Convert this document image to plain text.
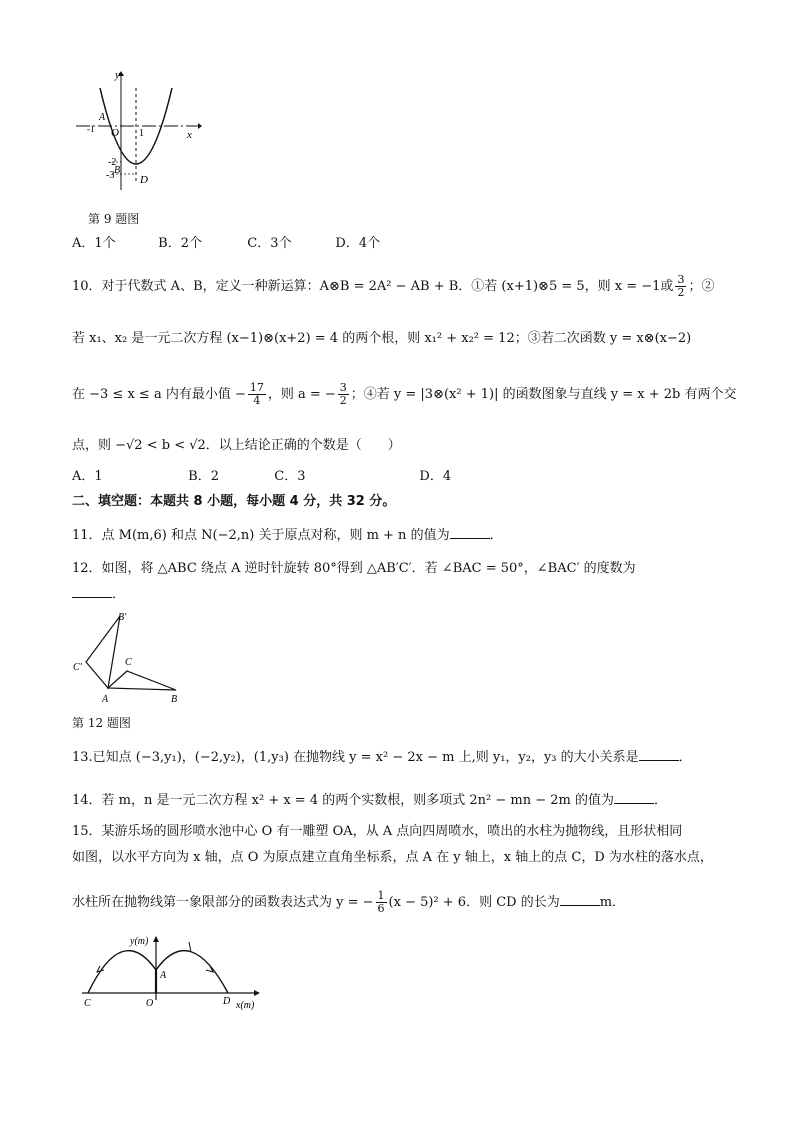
y
x
A
O 1
-1
-2
-3 B
D
第 9 题图
A．1个	B．2个	C．3个	D．4个
10．对于代数式 A、B，定义一种新运算：A⊗B = 2A² − AB + B．①若 (x+1)⊗5 = 5，则 x = −1或 $\frac{3}{2}$ ；②
若 x₁、x₂ 是一元二次方程 (x−1)⊗(x+2) = 4 的两个根，则 x₁² + x₂² = 12；③若二次函数 y = x⊗(x−2)
在 −3 ≤ x ≤ a 内有最小值 − $\frac{17}{4}$ ，则 a = − $\frac{3}{2}$ ；④若 y = |3⊗(x² + 1)| 的函数图象与直线 y = x + 2b 有两个交
点，则 −√2 < b < √2．以上结论正确的个数是（　　）
A．1	B．2	C．3	D．4
二、填空题：本题共 8 小题，每小题 4 分，共 32 分。
11．点 M(m,6) 和点 N(−2,n) 关于原点对称，则 m + n 的值为	．
12．如图，将 △ABC 绕点 A 逆时针旋转 80°得到 △AB′C′．若 ∠BAC = 50°，∠BAC′ 的度数为
．
B′
C′	C
A	B
第 12 题图
13.已知点 (−3,y₁)，(−2,y₂)，(1,y₃) 在抛物线 y = x² − 2x − m 上,则 y₁，y₂，y₃ 的大小关系是	．
14．若 m，n 是一元二次方程 x² + x = 4 的两个实数根，则多项式 2n² − mn − 2m 的值为	．
15．某游乐场的圆形喷水池中心 O 有一雕塑 OA，从 A 点向四周喷水，喷出的水柱为抛物线，且形状相同
如图，以水平方向为 x 轴，点 O 为原点建立直角坐标系，点 A 在 y 轴上，x 轴上的点 C，D 为水柱的落水点，
水柱所在抛物线第一象限部分的函数表达式为 y = − $\frac{1}{6} (x - 5)^2 + 6$．则 CD 的长为	m．
y(m)
x(m)
C	O
A
D
